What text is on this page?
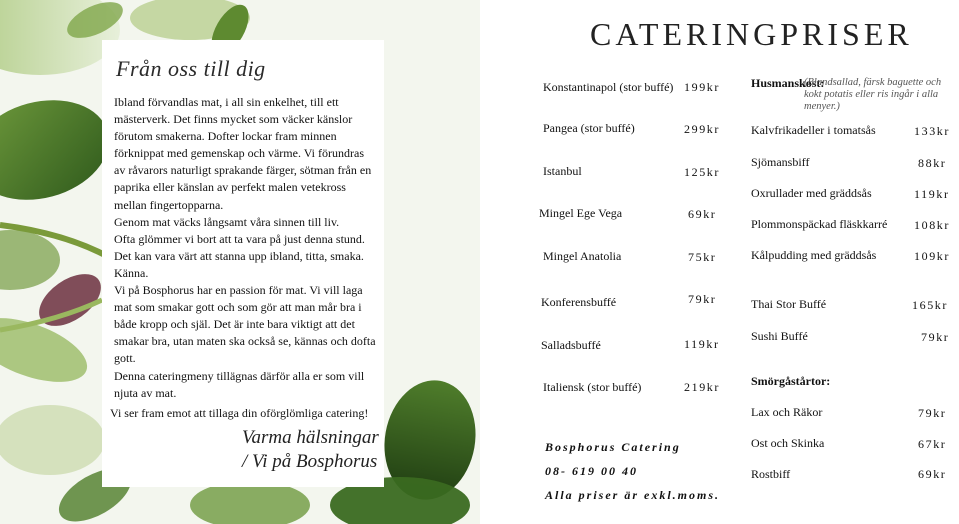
Från oss till dig

Ibland förvandlas mat, i all sin enkelhet, till ett mästerverk. Det finns mycket som väcker känslor förutom smakerna. Dofter lockar fram minnen förknippat med gemenskap och värme. Vi förundras av råvarors naturligt sprakande färger, sötman från en paprika eller känslan av perfekt malen vetekross mellan fingertopparna.

Genom mat väcks långsamt våra sinnen till liv.

Ofta glömmer vi bort att ta vara på just denna stund. Det kan vara värt att stanna upp ibland, titta, smaka. Känna.

Vi på Bosphorus har en passion för mat. Vi vill laga mat som smakar gott och som gör att man mår bra i både kropp och själ. Det är inte bara viktigt att det smakar bra, utan maten ska också se, kännas och dofta gott.

Denna cateringmeny tillägnas därför alla er som vill njuta av mat.

Vi ser fram emot att tillaga din oförglömliga catering!
Varma hälsningar
/ Vi på Bosphorus
CATERINGPRISER
Konstantinapol (stor buffé) 199kr
Pangea (stor buffé)	299kr
Istanbul	125kr
Mingel Ege Vega	69kr
Mingel Anatolia	75kr
Konferensbuffé	79kr
Salladsbuffé	119kr
Italiensk (stor buffé)	219kr
Bosphorus Catering
08- 619 00 40
Alla priser är exkl.moms.
Husmanskost:
(Blandsallad, färsk baguette och kokt potatis eller ris ingår i alla menyer.)
Kalvfrikadeller i tomatsås	133kr
Sjömansbiff	88kr
Oxrullader med gräddsås	119kr
Plommonspäckad fläskkarré 108kr
Kålpudding med gräddsås	109kr
Thai Stor Buffé	165kr
Sushi Buffé	79kr
Smörgåstårtor:
Lax och Räkor	79kr
Ost och Skinka	67kr
Rostbiff	69kr
